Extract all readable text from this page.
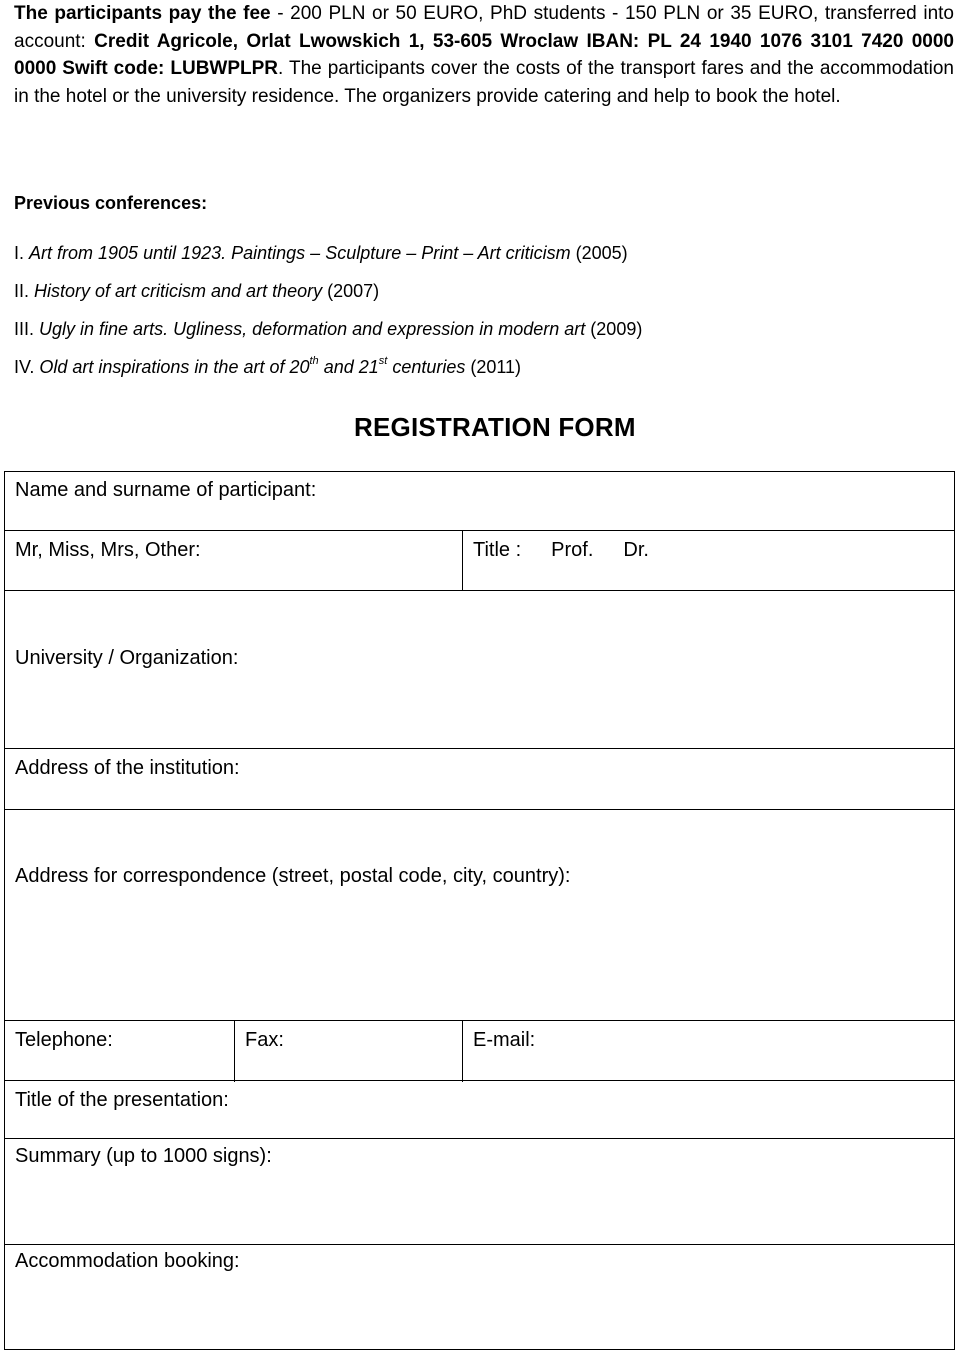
The participants pay the fee - 200 PLN or 50 EURO, PhD students - 150 PLN or 35 EURO, transferred into account: Credit Agricole, Orlat Lwowskich 1, 53-605 Wroclaw IBAN: PL 24 1940 1076 3101 7420 0000 0000 Swift code: LUBWPLPR. The participants cover the costs of the transport fares and the accommodation in the hotel or the university residence. The organizers provide catering and help to book the hotel.
Previous conferences:
I. Art from 1905 until 1923. Paintings – Sculpture – Print – Art criticism (2005)
II. History of art criticism and art theory (2007)
III. Ugly in fine arts. Ugliness, deformation and expression in modern art (2009)
IV. Old art inspirations in the art of 20th and 21st centuries (2011)
REGISTRATION FORM
Name and surname of participant:
Mr, Miss, Mrs, Other:	Title : Prof. Dr.
University / Organization:
Address of the institution:
Address for correspondence (street, postal code, city, country):
Telephone:	Fax:	E-mail:
Title of the presentation:
Summary (up to 1000 signs):
Accommodation booking:
